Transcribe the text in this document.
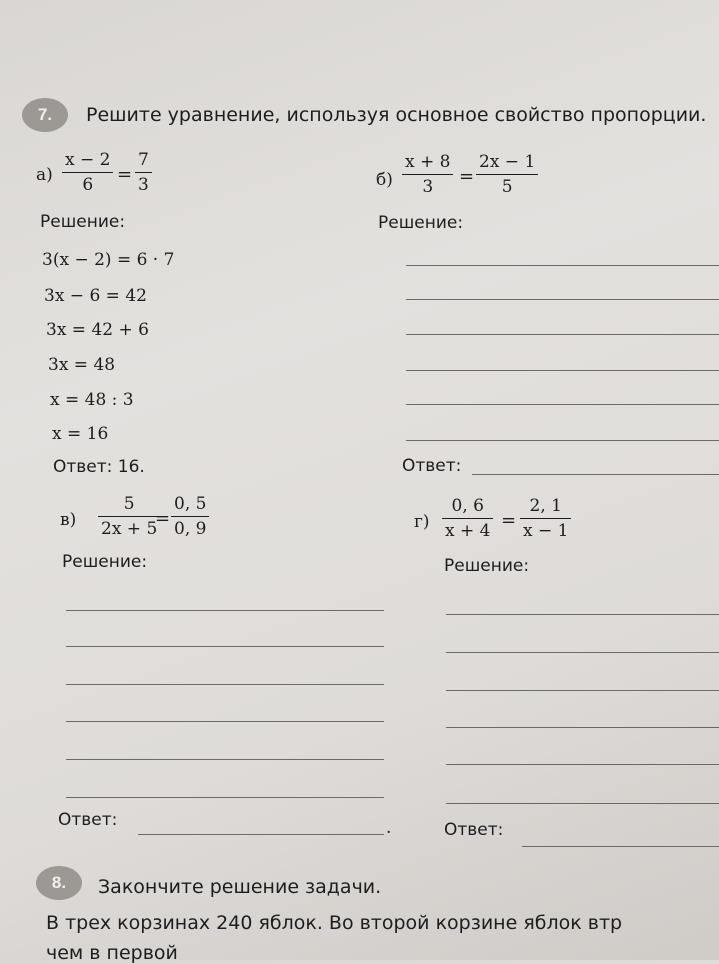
7.	Решите уравнение, используя основное свойство пропорции.
а)
x − 2
6 =
7
3
Решение:
3(x − 2) = 6 · 7
3x − 6 = 42
3x = 42 + 6
3x = 48
x = 48 : 3
x = 16
Ответ: 16.
б)
x + 8
3 =
2x − 1
5
Решение:
Ответ:
в)
5
2x + 5
=
0, 5
0, 9
Решение:
Ответ:	.
г)
0, 6
x + 4 =
2, 1
x − 1
Решение:
Ответ:
8.	Закончите решение задачи.
В трех корзинах 240 яблок. Во второй корзине яблок втр
чем в первой
